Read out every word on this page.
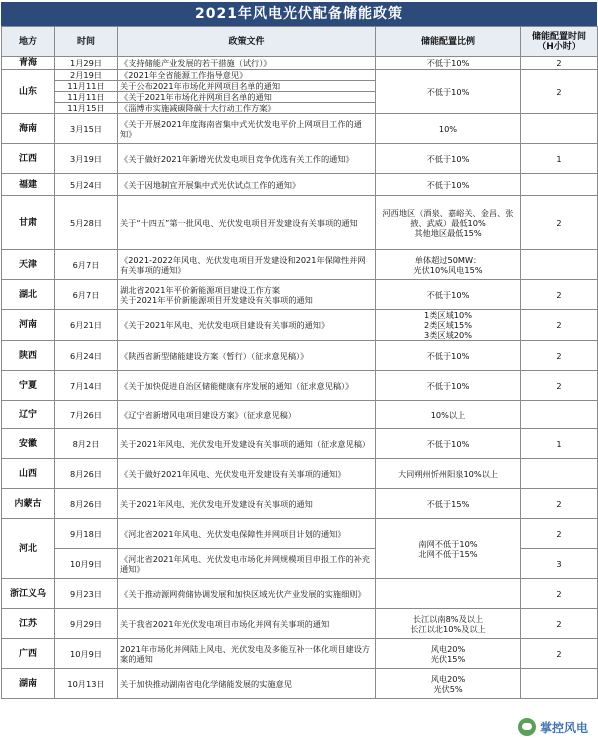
2021年风电光伏配备储能政策
地方	时间	政策文件	储能配置比例	储能配置时间
（H小时）

青海	1月29日	《支持储能产业发展的若干措施（试行）》	不低于10%	2
山东	2月19日	《2021年全省能源工作指导意见》	不低于10%	2
	11月11日	关于公布2021年市场化并网项目名单的通知		
	11月11日	《关于2021年市场化并网项目名单的通知		
	11月15日	《淄博市实施减碳降碳十大行动工作方案》		
海南	3月15日	《关于开展2021年度海南省集中式光伏发电平价上网项目工作的通知》	10%	
江西	3月19日	《关于做好2021年新增光伏发电项目竞争优选有关工作的通知》	不低于10%	1
福建	5月24日	《关于因地制宜开展集中式光伏试点工作的通知》	不低于10%	
甘肃	5月28日	关于“十四五”第一批风电、光伏发电项目开发建设有关事项的通知	河西地区（酒泉、嘉峪关、金昌、张掖、武威）最低10%
其他地区最低15%	2
天津	6月7日	《2021-2022年风电、光伏发电项目开发建设和2021年保障性并网有关事项的通知》	单体超过50MW：
光伏10%风电15%	
湖北	6月7日	湖北省2021年平价新能源项目建设工作方案
关于2021年平价新能源项目开发建设有关事项的通知	不低于10%	2
河南	6月21日	《关于2021年风电、光伏发电项目建设有关事项的通知》	1类区域10%
2类区域15%
3类区域20%	2
陕西	6月24日	《陕西省新型储能建设方案（暂行）（征求意见稿）》	不低于10%	2
宁夏	7月14日	《关于加快促进自治区储能健康有序发展的通知（征求意见稿）》	不低于10%	2
辽宁	7月26日	《辽宁省新增风电项目建设方案》（征求意见稿）	10%以上	
安徽	8月2日	关于2021年风电、光伏发电开发建设有关事项的通知（征求意见稿）	不低于10%	1
山西	8月26日	《关于做好2021年风电、光伏发电开发建设有关事项的通知》	大同朔州忻州阳泉10%以上	
内蒙古	8月26日	关于2021年风电、光伏发电开发建设有关事项的通知	不低于15%	2
河北	9月18日	《河北省2021年风电、光伏发电保障性并网项目计划的通知》	南网不低于10%
北网不低于15%	2
	10月9日	《河北省2021年风电、光伏发电市场化并网规模项目申报工作的补充通知》		3
浙江义乌	9月23日	《关于推动源网荷储协调发展和加快区域光伏产业发展的实施细则》		2
江苏	9月29日	关于我省2021年光伏发电项目市场化并网有关事项的通知	长江以南8%及以上
长江以北10%及以上	2
广西	10月9日	2021年市场化并网陆上风电、光伏发电及多能互补一体化项目建设方案的通知	风电20%
光伏15%	2
湖南	10月13日	关于加快推动湖南省电化学储能发展的实施意见	风电20%
光伏5%	
掌控风电
